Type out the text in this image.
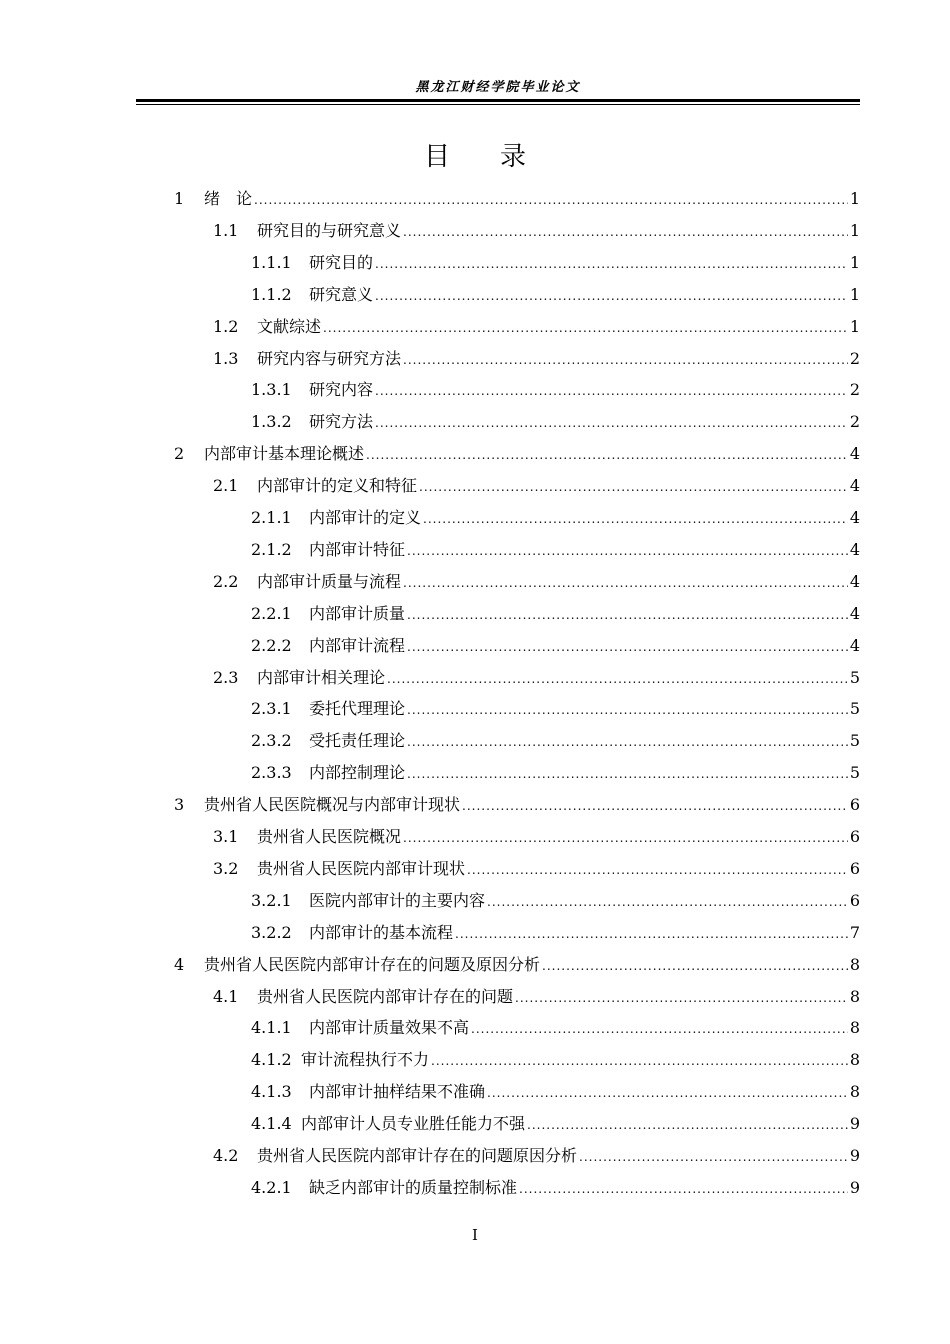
黑龙江财经学院毕业论文
目 录
1	绪　论 .....	1
1.1	研究目的与研究意义 .....	1
1.1.1	研究目的 .....	1
1.1.2	研究意义 .....	1
1.2	文献综述 .....	1
1.3	研究内容与研究方法 .....	2
1.3.1	研究内容 .....	2
1.3.2	研究方法 .....	2
2	内部审计基本理论概述 .....	4
2.1	内部审计的定义和特征 .....	4
2.1.1	内部审计的定义 .....	4
2.1.2	内部审计特征 .....	4
2.2	内部审计质量与流程 .....	4
2.2.1	内部审计质量 .....	4
2.2.2	内部审计流程 .....	4
2.3	内部审计相关理论 .....	5
2.3.1	委托代理理论 .....	5
2.3.2	受托责任理论 .....	5
2.3.3	内部控制理论 .....	5
3	贵州省人民医院概况与内部审计现状 .....	6
3.1	贵州省人民医院概况 .....	6
3.2	贵州省人民医院内部审计现状 .....	6
3.2.1	医院内部审计的主要内容 .....	6
3.2.2	内部审计的基本流程 .....	7
4	贵州省人民医院内部审计存在的问题及原因分析 .....	8
4.1	贵州省人民医院内部审计存在的问题 .....	8
4.1.1	内部审计质量效果不高 .....	8
4.1.2 审计流程执行不力 .....	8
4.1.3	内部审计抽样结果不准确 .....	8
4.1.4 内部审计人员专业胜任能力不强 .....	9
4.2	贵州省人民医院内部审计存在的问题原因分析 .....	9
4.2.1	缺乏内部审计的质量控制标准 .....	9
I
